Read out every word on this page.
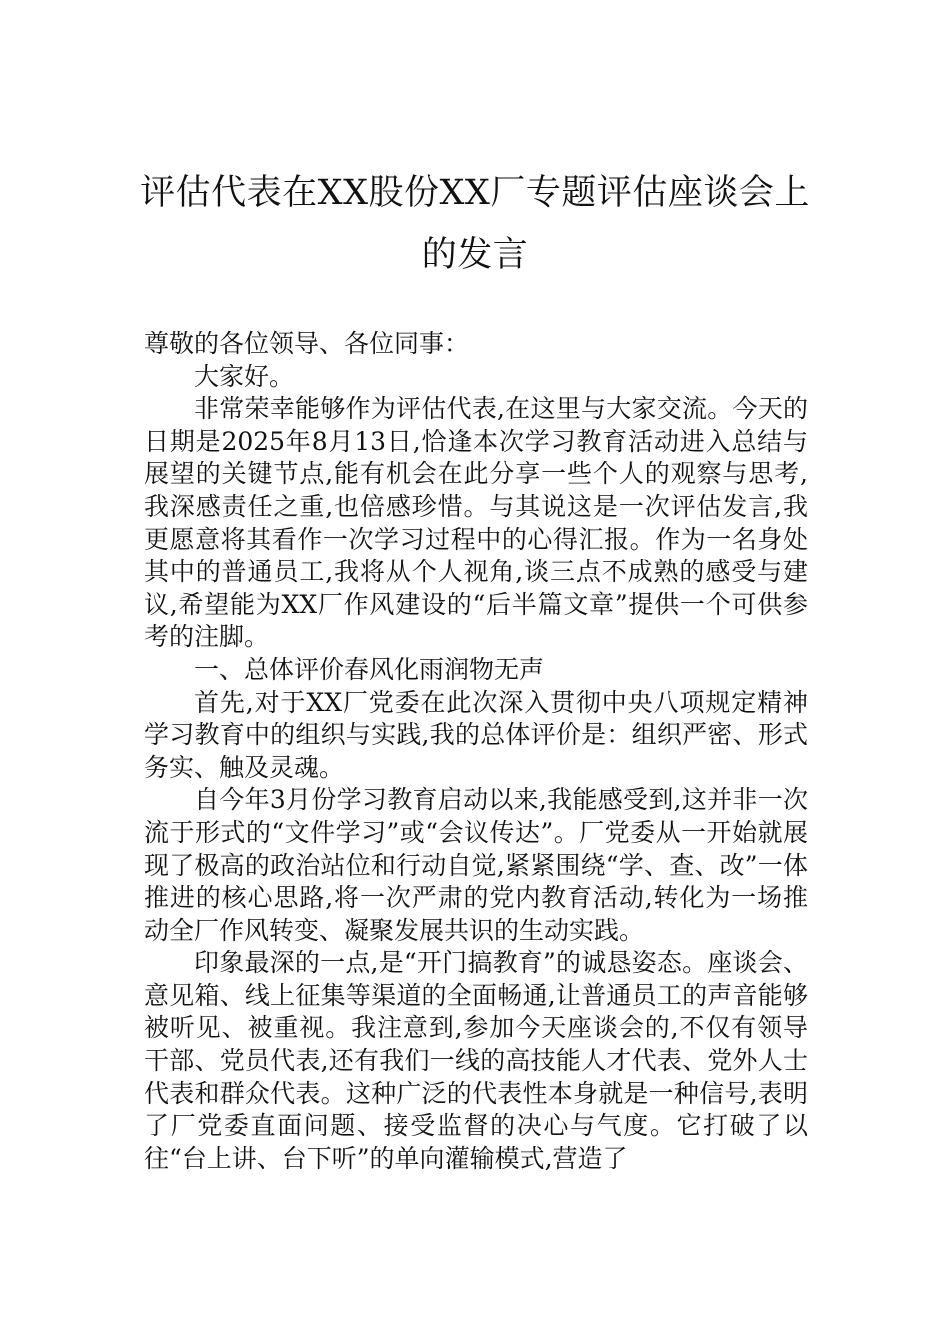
评估代表在XX股份XX厂专题评估座谈会上的发言

尊敬的各位领导、各位同事：

大家好。

非常荣幸能够作为评估代表,在这里与大家交流。今天的日期是2025年8月13日,恰逢本次学习教育活动进入总结与展望的关键节点,能有机会在此分享一些个人的观察与思考,我深感责任之重,也倍感珍惜。与其说这是一次评估发言,我更愿意将其看作一次学习过程中的心得汇报。作为一名身处其中的普通员工,我将从个人视角,谈三点不成熟的感受与建议,希望能为XX厂作风建设的“后半篇文章”提供一个可供参考的注脚。

一、总体评价春风化雨润物无声

首先,对于XX厂党委在此次深入贯彻中央八项规定精神学习教育中的组织与实践,我的总体评价是：组织严密、形式务实、触及灵魂。

自今年3月份学习教育启动以来,我能感受到,这并非一次流于形式的“文件学习”或“会议传达”。厂党委从一开始就展现了极高的政治站位和行动自觉,紧紧围绕“学、查、改”一体推进的核心思路,将一次严肃的党内教育活动,转化为一场推动全厂作风转变、凝聚发展共识的生动实践。

印象最深的一点,是“开门搞教育”的诚恳姿态。座谈会、意见箱、线上征集等渠道的全面畅通,让普通员工的声音能够被听见、被重视。我注意到,参加今天座谈会的,不仅有领导干部、党员代表,还有我们一线的高技能人才代表、党外人士代表和群众代表。这种广泛的代表性本身就是一种信号,表明了厂党委直面问题、接受监督的决心与气度。它打破了以往“台上讲、台下听”的单向灌输模式,营造了
